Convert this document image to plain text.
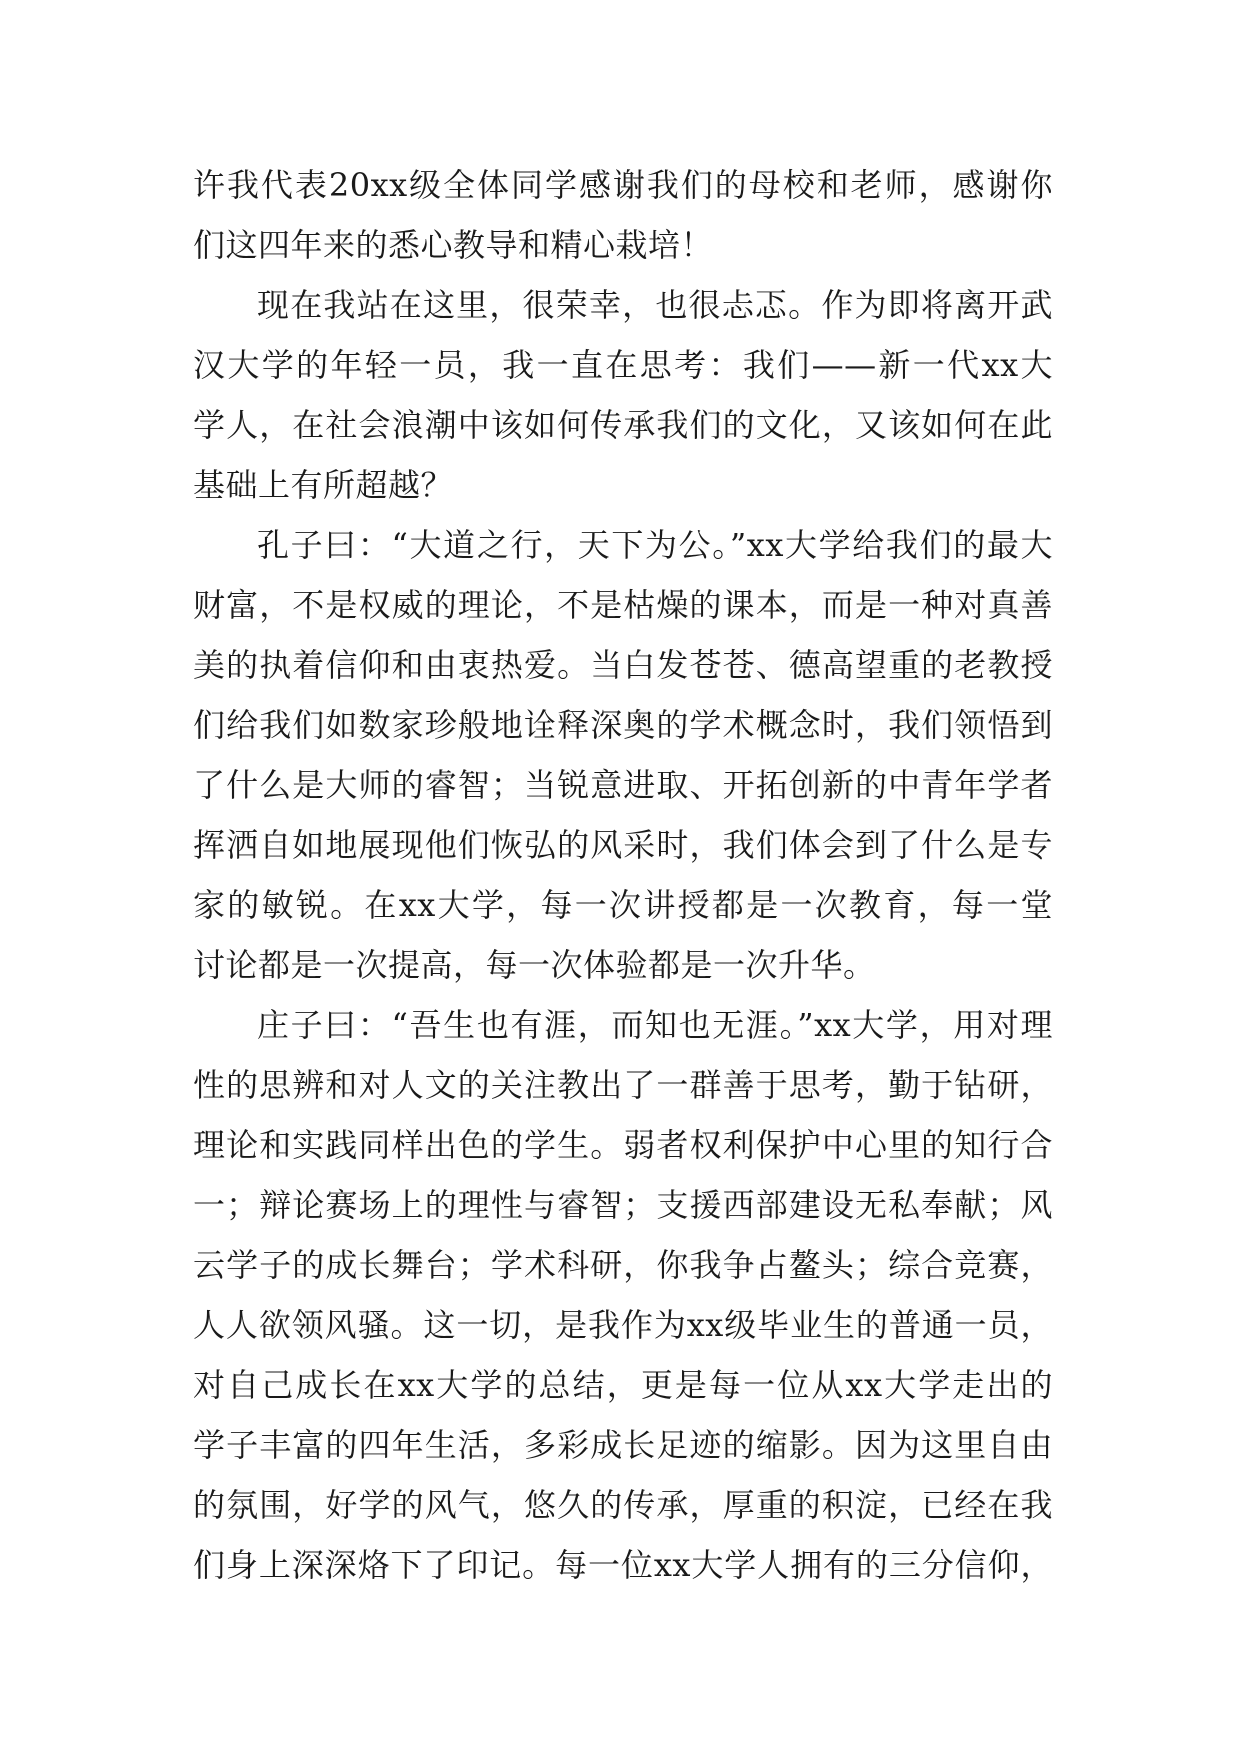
许我代表20xx级全体同学感谢我们的母校和老师，感谢你
们这四年来的悉心教导和精心栽培！
现在我站在这里，很荣幸，也很忐忑。作为即将离开武
汉大学的年轻一员，我一直在思考：我们——新一代xx大
学人，在社会浪潮中该如何传承我们的文化，又该如何在此
基础上有所超越？
孔子曰：“大道之行，天下为公。”xx大学给我们的最大
财富，不是权威的理论，不是枯燥的课本，而是一种对真善
美的执着信仰和由衷热爱。当白发苍苍、德高望重的老教授
们给我们如数家珍般地诠释深奥的学术概念时，我们领悟到
了什么是大师的睿智；当锐意进取、开拓创新的中青年学者
挥洒自如地展现他们恢弘的风采时，我们体会到了什么是专
家的敏锐。在xx大学，每一次讲授都是一次教育，每一堂
讨论都是一次提高，每一次体验都是一次升华。
庄子曰：“吾生也有涯，而知也无涯。”xx大学，用对理
性的思辨和对人文的关注教出了一群善于思考，勤于钻研，
理论和实践同样出色的学生。弱者权利保护中心里的知行合
一；辩论赛场上的理性与睿智；支援西部建设无私奉献；风
云学子的成长舞台；学术科研，你我争占鳌头；综合竞赛，
人人欲领风骚。这一切，是我作为xx级毕业生的普通一员，
对自己成长在xx大学的总结，更是每一位从xx大学走出的
学子丰富的四年生活，多彩成长足迹的缩影。因为这里自由
的氛围，好学的风气，悠久的传承，厚重的积淀，已经在我
们身上深深烙下了印记。每一位xx大学人拥有的三分信仰，
